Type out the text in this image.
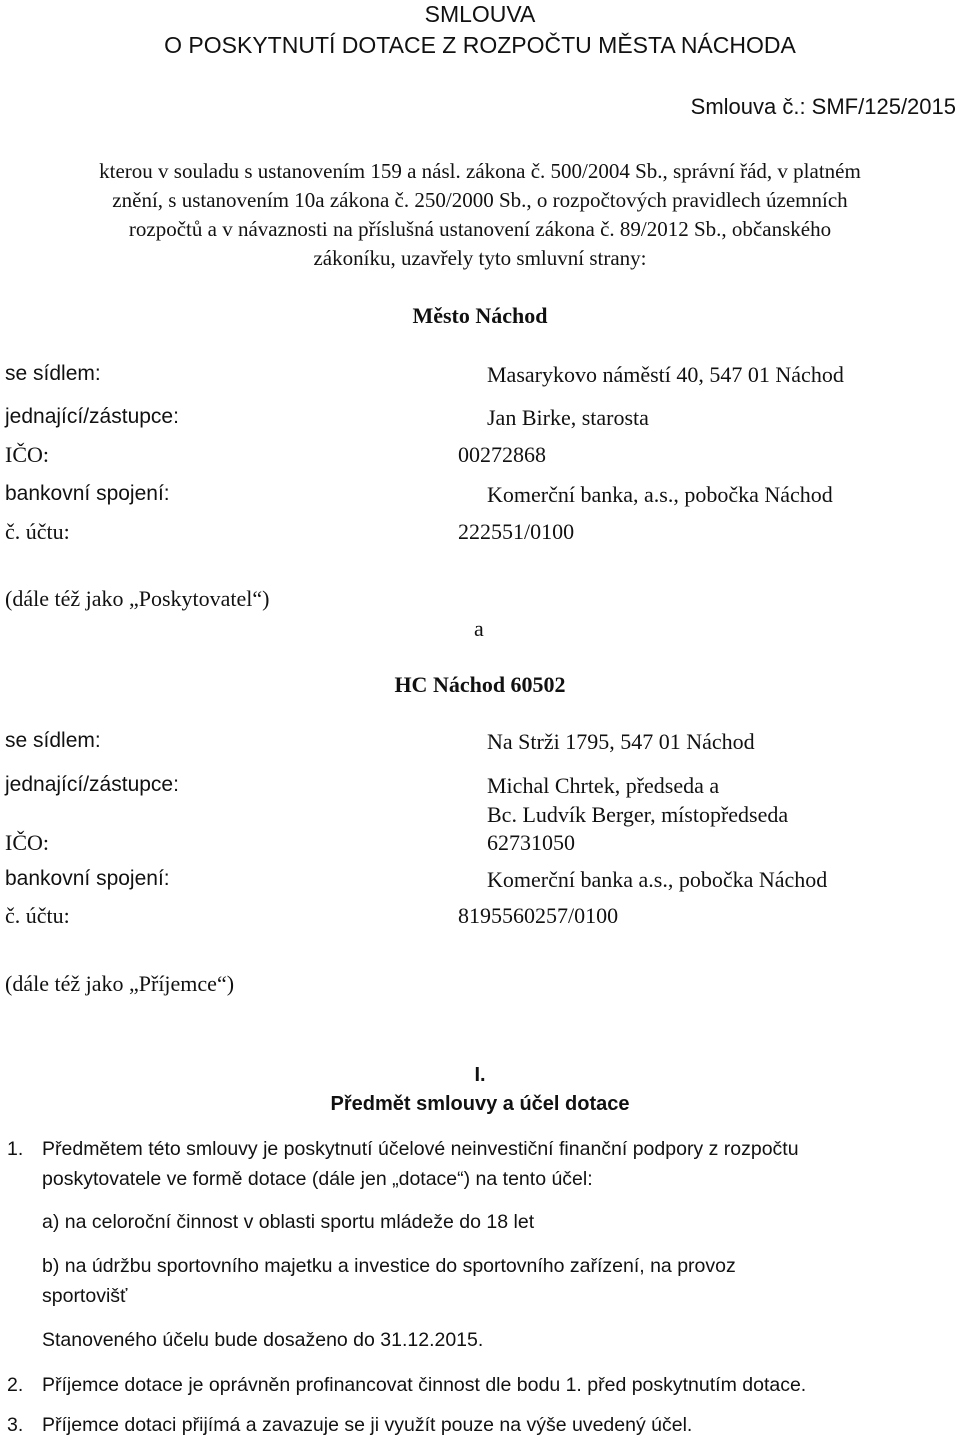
SMLOUVA
O POSKYTNUTÍ DOTACE Z ROZPOČTU MĚSTA NÁCHODA
Smlouva č.: SMF/125/2015
kterou v souladu s ustanovením 159 a násl. zákona č. 500/2004 Sb., správní řád, v platném
znění, s ustanovením 10a zákona č. 250/2000 Sb., o rozpočtových pravidlech územních
rozpočtů a v návaznosti na příslušná ustanovení zákona č. 89/2012 Sb., občanského
zákoníku, uzavřely tyto smluvní strany:
Město Náchod
se sídlem:	Masarykovo náměstí 40, 547 01 Náchod
jednající/zástupce:	Jan Birke, starosta
IČO:	00272868
bankovní spojení:	Komerční banka, a.s., pobočka Náchod
č. účtu:	222551/0100
(dále též jako „Poskytovatel“)
a
HC Náchod 60502
se sídlem:	Na Strži 1795, 547 01 Náchod
jednající/zástupce:	Michal Chrtek, předseda a
Bc. Ludvík Berger, místopředseda
IČO:	62731050
bankovní spojení:	Komerční banka a.s., pobočka Náchod
č. účtu:	8195560257/0100
(dále též jako „Příjemce“)
I.
Předmět smlouvy a účel dotace
1. Předmětem této smlouvy je poskytnutí účelové neinvestiční finanční podpory z rozpočtu
poskytovatele ve formě dotace (dále jen „dotace“) na tento účel:
a) na celoroční činnost v oblasti sportu mládeže do 18 let
b) na údržbu sportovního majetku a investice do sportovního zařízení, na provoz
sportovišť
Stanoveného účelu bude dosaženo do 31.12.2015.
2. Příjemce dotace je oprávněn profinancovat činnost dle bodu 1. před poskytnutím dotace.
3. Příjemce dotaci přijímá a zavazuje se ji využít pouze na výše uvedený účel.
